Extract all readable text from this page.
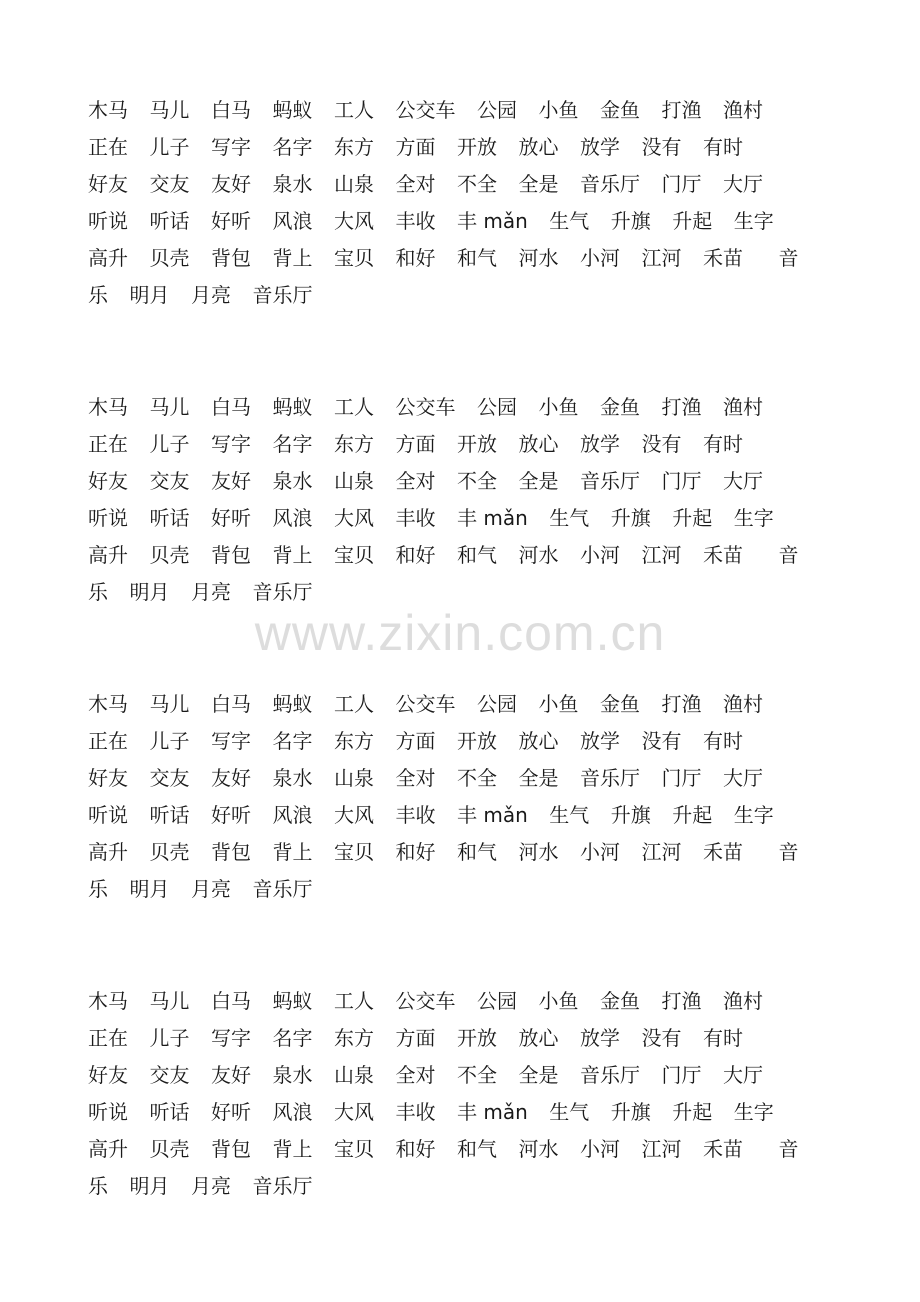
木马 马儿 白马 蚂蚁 工人 公交车 公园 小鱼 金鱼 打渔 渔村
正在 儿子 写字 名字 东方 方面 开放 放心 放学 没有 有时
好友 交友 友好 泉水 山泉 全对 不全 全是 音乐厅 门厅 大厅
听说 听话 好听 风浪 大风 丰收 丰 mǎn 生气 升旗 升起 生字
高升 贝壳 背包 背上 宝贝 和好 和气 河水 小河 江河 禾苗 音
乐 明月 月亮 音乐厅
木马 马儿 白马 蚂蚁 工人 公交车 公园 小鱼 金鱼 打渔 渔村
正在 儿子 写字 名字 东方 方面 开放 放心 放学 没有 有时
好友 交友 友好 泉水 山泉 全对 不全 全是 音乐厅 门厅 大厅
听说 听话 好听 风浪 大风 丰收 丰 mǎn 生气 升旗 升起 生字
高升 贝壳 背包 背上 宝贝 和好 和气 河水 小河 江河 禾苗 音
乐 明月 月亮 音乐厅
木马 马儿 白马 蚂蚁 工人 公交车 公园 小鱼 金鱼 打渔 渔村
正在 儿子 写字 名字 东方 方面 开放 放心 放学 没有 有时
好友 交友 友好 泉水 山泉 全对 不全 全是 音乐厅 门厅 大厅
听说 听话 好听 风浪 大风 丰收 丰 mǎn 生气 升旗 升起 生字
高升 贝壳 背包 背上 宝贝 和好 和气 河水 小河 江河 禾苗 音
乐 明月 月亮 音乐厅
木马 马儿 白马 蚂蚁 工人 公交车 公园 小鱼 金鱼 打渔 渔村
正在 儿子 写字 名字 东方 方面 开放 放心 放学 没有 有时
好友 交友 友好 泉水 山泉 全对 不全 全是 音乐厅 门厅 大厅
听说 听话 好听 风浪 大风 丰收 丰 mǎn 生气 升旗 升起 生字
高升 贝壳 背包 背上 宝贝 和好 和气 河水 小河 江河 禾苗 音
乐 明月 月亮 音乐厅
www.zixin.com.cn
